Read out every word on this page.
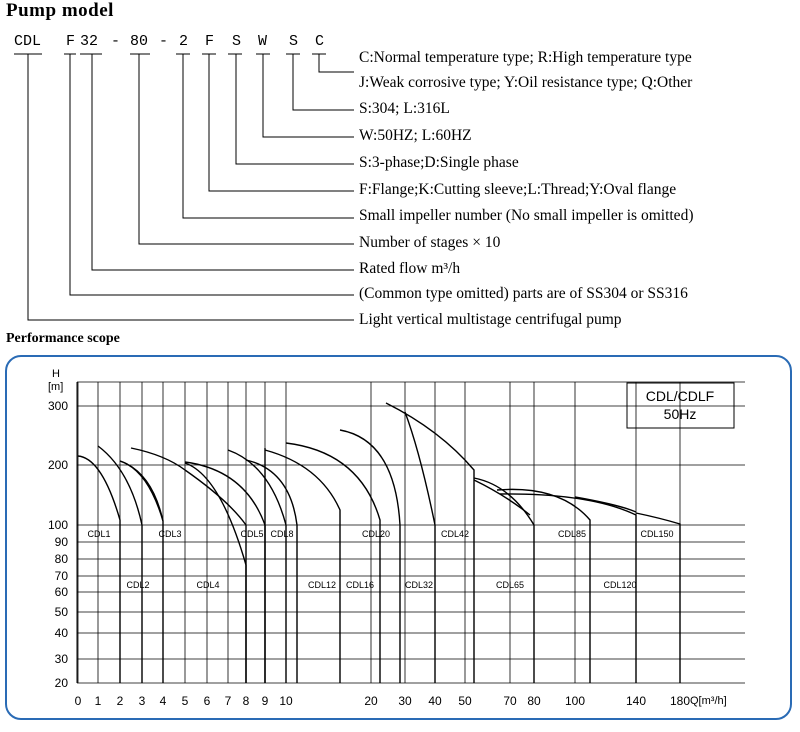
Pump model
CDL F 32 - 80 - 2 F S W S C
C:Normal temperature type; R:High temperature type
J:Weak corrosive type; Y:Oil resistance type; Q:Other
S:304; L:316L
W:50HZ; L:60HZ
S:3-phase;D:Single phase
F:Flange;K:Cutting sleeve;L:Thread;Y:Oval flange
Small impeller number (No small impeller is omitted)
Number of stages × 10
Rated flow m³/h
(Common type omitted) parts are of SS304 or SS316
Light vertical multistage centrifugal pump
Performance scope
H
[m]
Q[m³/h]
CDL/CDLF
50Hz
20
30
40
50
60
70
80
90
100
200
300
0 1 2 3 4 5 6 7 8 9 10	20 30 40 50	70 80 100	140 180
CDL1
CDL2
CDL3
CDL4
CDL5 CDL8
CDL12 CDL16
CDL20
CDL32
CDL42
CDL65
CDL85
CDL120
CDL150
